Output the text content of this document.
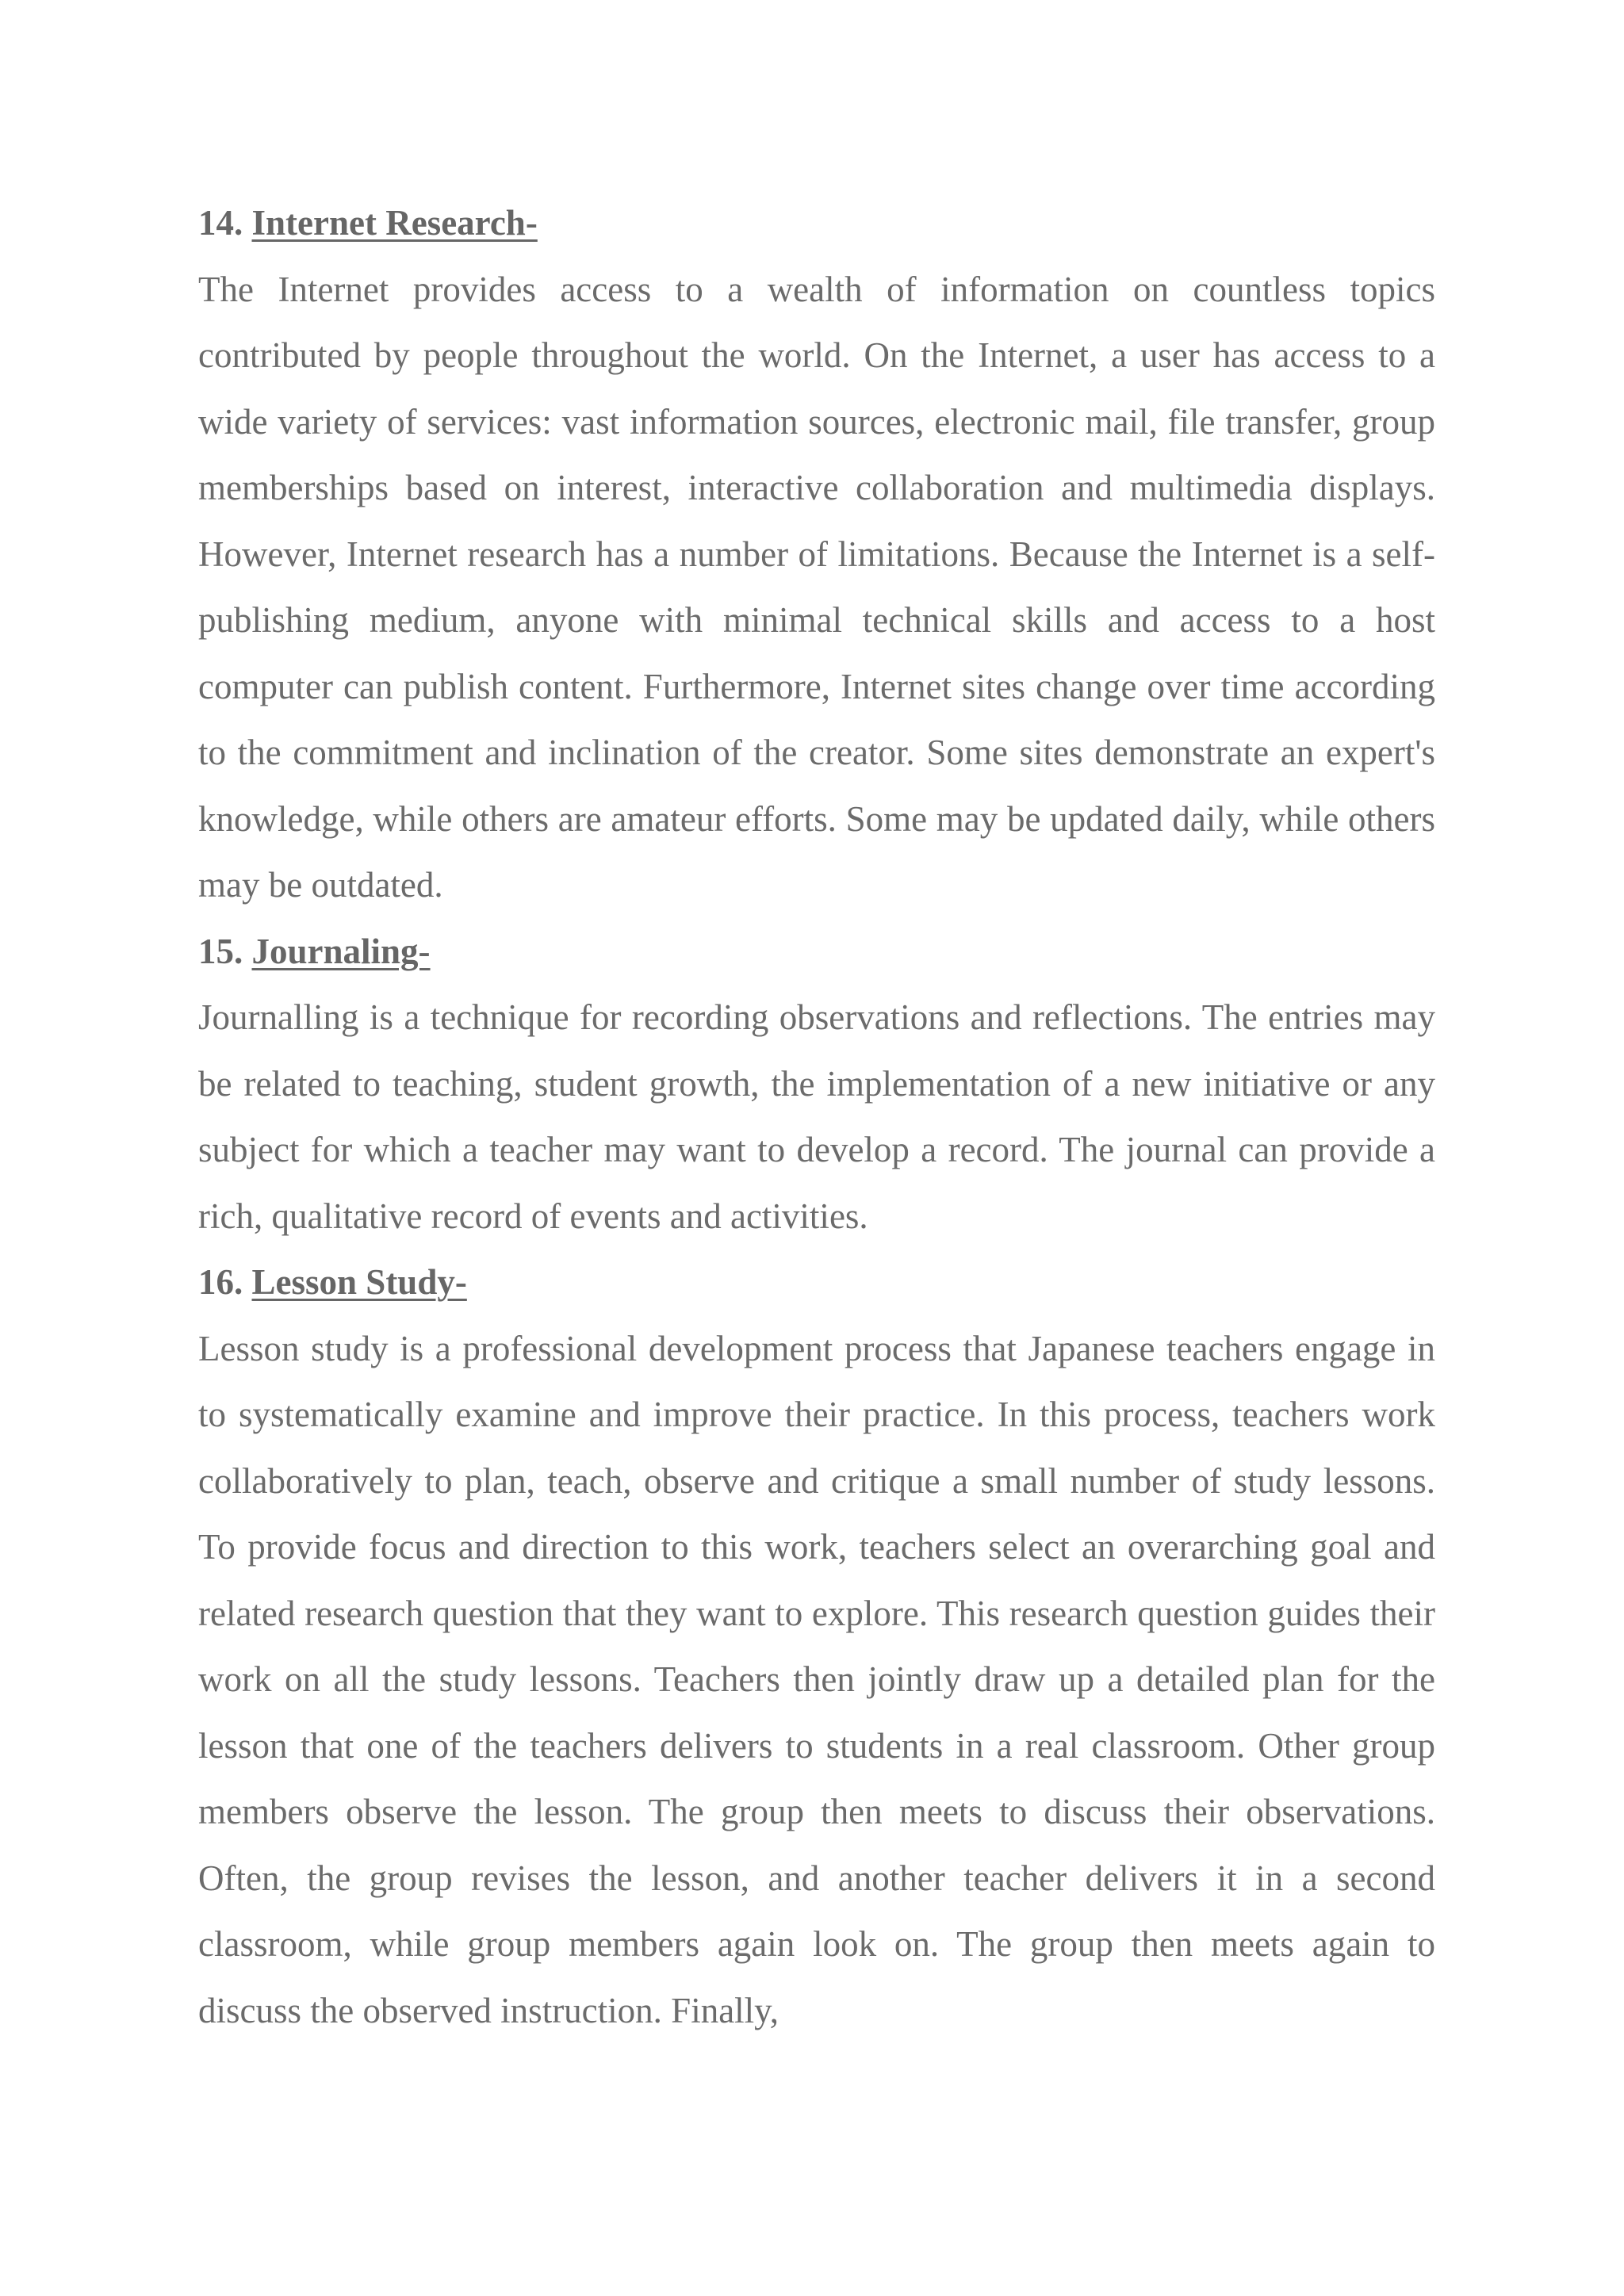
14. Internet Research-

The Internet provides access to a wealth of information on countless topics contributed by people throughout the world. On the Internet, a user has access to a wide variety of services: vast information sources, electronic mail, file transfer, group memberships based on interest, interactive collaboration and multimedia displays. However, Internet research has a number of limitations. Because the Internet is a self-publishing medium, anyone with minimal technical skills and access to a host computer can publish content. Furthermore, Internet sites change over time according to the commitment and inclination of the creator. Some sites demonstrate an expert's knowledge, while others are amateur efforts. Some may be updated daily, while others may be outdated.

15. Journaling-

Journalling is a technique for recording observations and reflections. The entries may be related to teaching, student growth, the implementation of a new initiative or any subject for which a teacher may want to develop a record. The journal can provide a rich, qualitative record of events and activities.

16. Lesson Study-

Lesson study is a professional development process that Japanese teachers engage in to systematically examine and improve their practice. In this process, teachers work collaboratively to plan, teach, observe and critique a small number of study lessons. To provide focus and direction to this work, teachers select an overarching goal and related research question that they want to explore. This research question guides their work on all the study lessons. Teachers then jointly draw up a detailed plan for the lesson that one of the teachers delivers to students in a real classroom. Other group members observe the lesson. The group then meets to discuss their observations. Often, the group revises the lesson, and another teacher delivers it in a second classroom, while group members again look on. The group then meets again to discuss the observed instruction. Finally,
